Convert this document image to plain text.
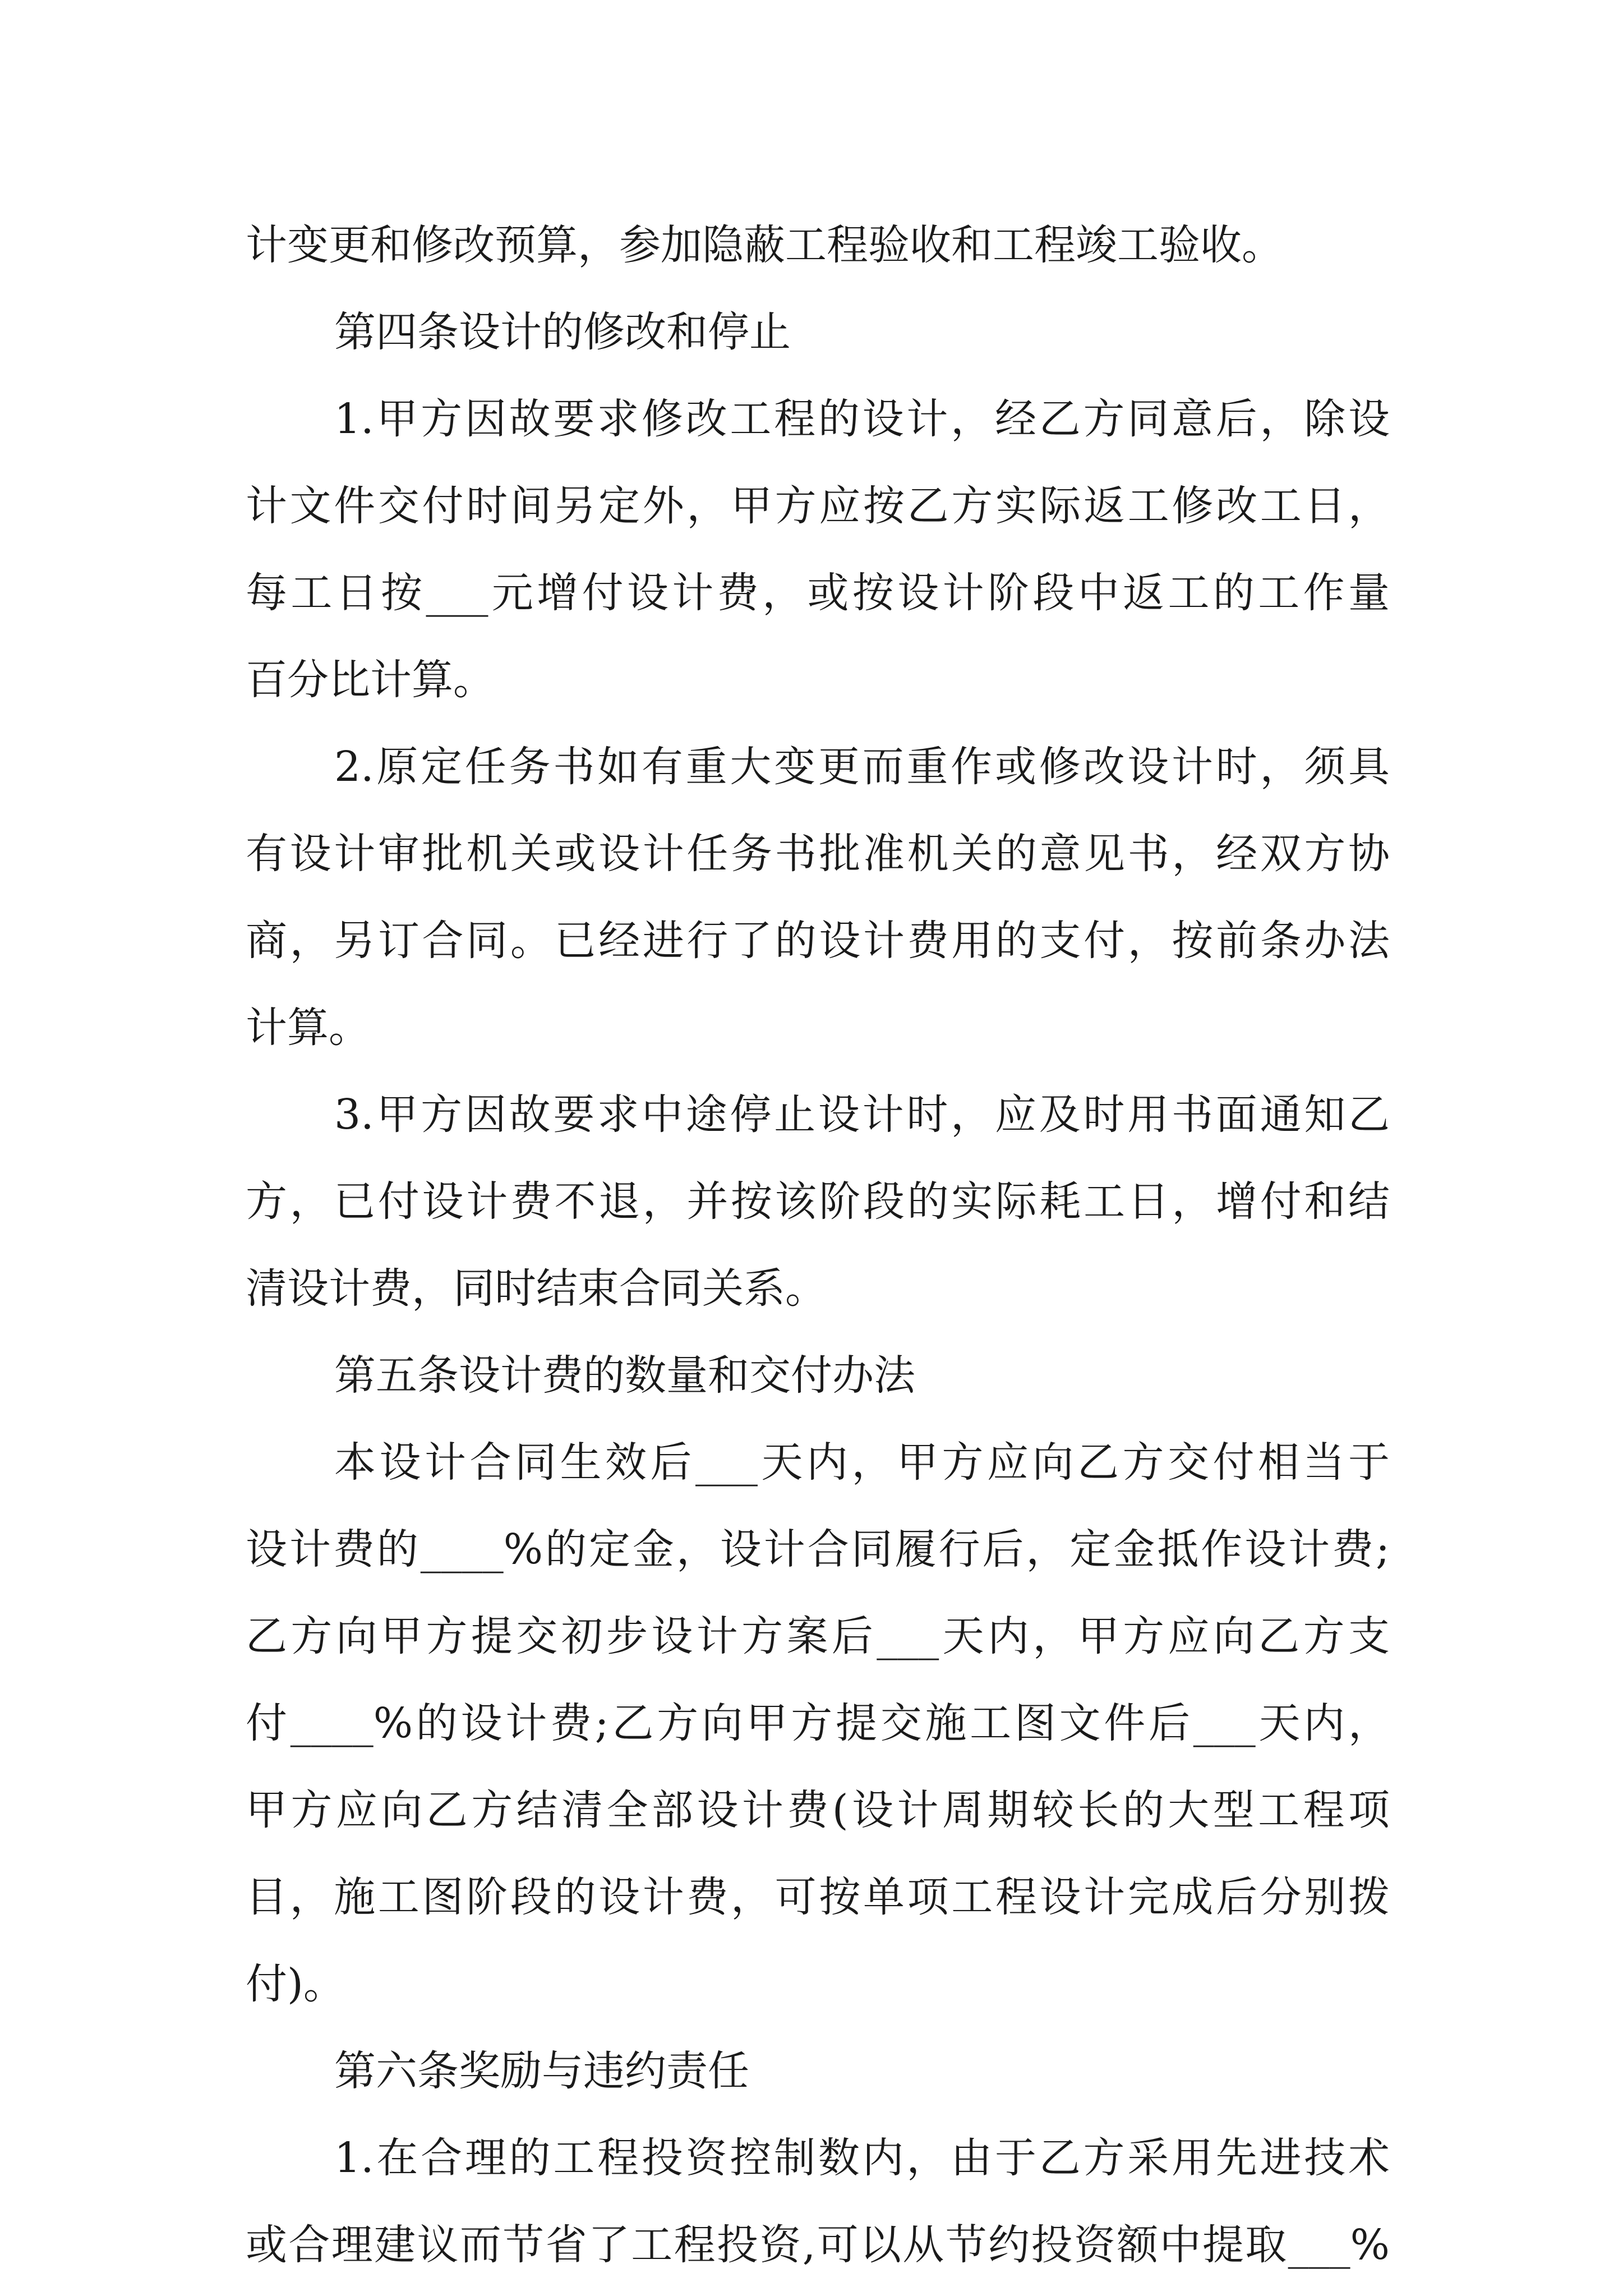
计变更和修改预算，参加隐蔽工程验收和工程竣工验收。
第四条设计的修改和停止
1.甲方因故要求修改工程的设计，经乙方同意后，除设
计文件交付时间另定外，甲方应按乙方实际返工修改工日，
每工日按___元增付设计费，或按设计阶段中返工的工作量
百分比计算。
2.原定任务书如有重大变更而重作或修改设计时，须具
有设计审批机关或设计任务书批准机关的意见书，经双方协
商，另订合同。已经进行了的设计费用的支付，按前条办法
计算。
3.甲方因故要求中途停止设计时，应及时用书面通知乙
方，已付设计费不退，并按该阶段的实际耗工日，增付和结
清设计费，同时结束合同关系。
第五条设计费的数量和交付办法
本设计合同生效后___天内，甲方应向乙方交付相当于
设计费的____%的定金，设计合同履行后，定金抵作设计费;
乙方向甲方提交初步设计方案后___天内，甲方应向乙方支
付____%的设计费;乙方向甲方提交施工图文件后___天内，
甲方应向乙方结清全部设计费(设计周期较长的大型工程项
目，施工图阶段的设计费，可按单项工程设计完成后分别拨
付)。
第六条奖励与违约责任
1.在合理的工程投资控制数内，由于乙方采用先进技术
或合理建议而节省了工程投资,可以从节约投资额中提取___%
